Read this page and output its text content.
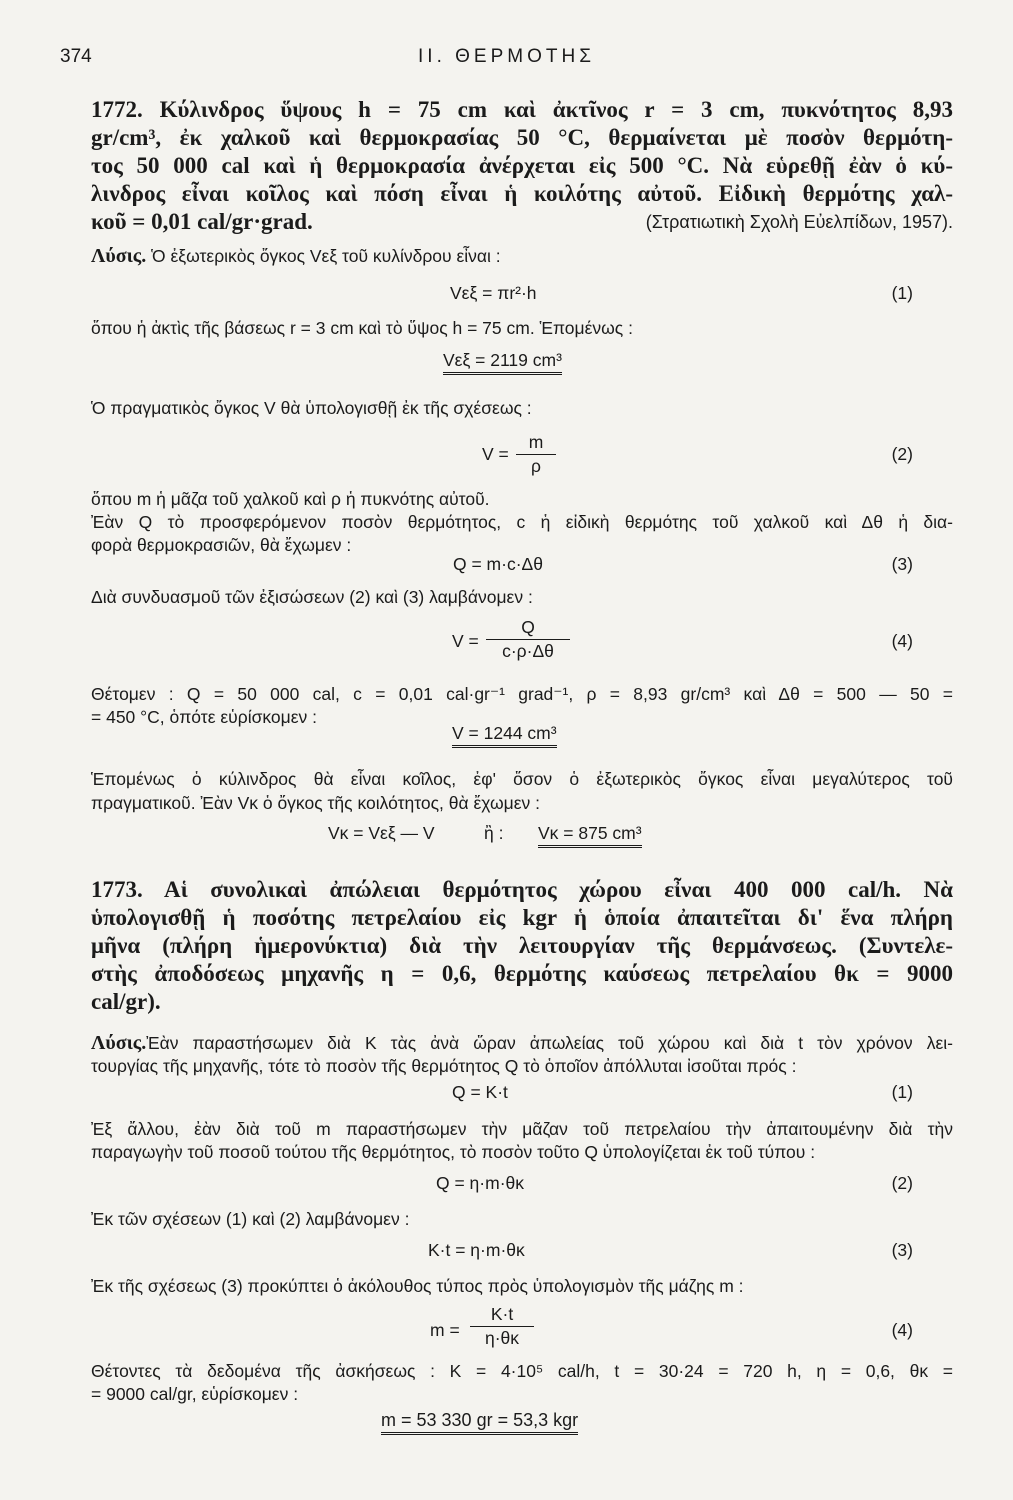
374	II. ΘΕΡΜΟΤΗΣ
1772. Κύλινδρος ὕψους h = 75 cm καὶ ἀκτῖνος r = 3 cm, πυκνότητος 8,93
gr/cm³, ἐκ χαλκοῦ καὶ θερμοκρασίας 50 °C, θερμαίνεται μὲ ποσὸν θερμότη-
τος 50 000 cal καὶ ἡ θερμοκρασία ἀνέρχεται εἰς 500 °C. Νὰ εὑρεθῇ ἐὰν ὁ κύ-
λινδρος εἶναι κοῖλος καὶ πόση εἶναι ἡ κοιλότης αὐτοῦ. Εἰδικὴ θερμότης χαλ-
κοῦ = 0,01 cal/gr·grad.	(Στρατιωτικὴ Σχολὴ Εὐελπίδων, 1957).
Λύσις. Ὁ ἐξωτερικὸς ὄγκος Vεξ τοῦ κυλίνδρου εἶναι :
Vεξ = πr²·h	(1)
ὅπου ἡ ἀκτὶς τῆς βάσεως r = 3 cm καὶ τὸ ὕψος h = 75 cm. Ἑπομένως :
Vεξ = 2119 cm³
Ὁ πραγματικὸς ὄγκος V θὰ ὑπολογισθῇ ἐκ τῆς σχέσεως :
$V = \frac{m}{\rho}$	(2)
ὅπου m ἡ μᾶζα τοῦ χαλκοῦ καὶ ρ ἡ πυκνότης αὐτοῦ.
Ἐὰν Q τὸ προσφερόμενον ποσὸν θερμότητος, c ἡ εἰδικὴ θερμότης τοῦ χαλκοῦ καὶ Δθ ἡ δια-
φορὰ θερμοκρασιῶν, θὰ ἔχωμεν :
Q = m·c·Δθ	(3)
Διὰ συνδυασμοῦ τῶν ἐξισώσεων (2) καὶ (3) λαμβάνομεν :
$V = \frac{Q}{c\cdot\rho\cdot\Delta\theta}$	(4)
Θέτομεν : Q = 50 000 cal, c = 0,01 cal·gr⁻¹ grad⁻¹, ρ = 8,93 gr/cm³ καὶ Δθ = 500 — 50 =
= 450 °C, ὁπότε εὑρίσκομεν :
V = 1244 cm³
Ἑπομένως ὁ κύλινδρος θὰ εἶναι κοῖλος, ἐφ' ὅσον ὁ ἐξωτερικὸς ὄγκος εἶναι μεγαλύτερος τοῦ
πραγματικοῦ. Ἐὰν Vκ ὁ ὄγκος τῆς κοιλότητος, θὰ ἔχωμεν :
Vκ = Vεξ — V	ἢ : Vκ = 875 cm³
1773. Αἱ συνολικαὶ ἀπώλειαι θερμότητος χώρου εἶναι 400 000 cal/h. Νὰ
ὑπολογισθῇ ἡ ποσότης πετρελαίου εἰς kgr ἡ ὁποία ἀπαιτεῖται δι' ἕνα πλήρη
μῆνα (πλήρη ἡμερονύκτια) διὰ τὴν λειτουργίαν τῆς θερμάνσεως. (Συντελε-
στὴς ἀποδόσεως μηχανῆς η = 0,6, θερμότης καύσεως πετρελαίου θκ = 9000
cal/gr).
Λύσις.Ἐὰν παραστήσωμεν διὰ K τὰς ἀνὰ ὥραν ἀπωλείας τοῦ χώρου καὶ διὰ t τὸν χρόνον λει-
τουργίας τῆς μηχανῆς, τότε τὸ ποσὸν τῆς θερμότητος Q τὸ ὁποῖον ἀπόλλυται ἰσοῦται πρός :
Q = K·t	(1)
Ἐξ ἄλλου, ἐὰν διὰ τοῦ m παραστήσωμεν τὴν μᾶζαν τοῦ πετρελαίου τὴν ἀπαιτουμένην διὰ τὴν
παραγωγὴν τοῦ ποσοῦ τούτου τῆς θερμότητος, τὸ ποσὸν τοῦτο Q ὑπολογίζεται ἐκ τοῦ τύπου :
Q = η·m·θκ	(2)
Ἐκ τῶν σχέσεων (1) καὶ (2) λαμβάνομεν :
K·t = η·m·θκ	(3)
Ἐκ τῆς σχέσεως (3) προκύπτει ὁ ἀκόλουθος τύπος πρὸς ὑπολογισμὸν τῆς μάζης m :
$m = \frac{K\cdot t}{\eta\cdot\theta\kappa}$	(4)
Θέτοντες τὰ δεδομένα τῆς ἀσκήσεως : K = 4·10⁵ cal/h, t = 30·24 = 720 h, η = 0,6, θκ =
= 9000 cal/gr, εὑρίσκομεν :
m = 53 330 gr = 53,3 kgr
